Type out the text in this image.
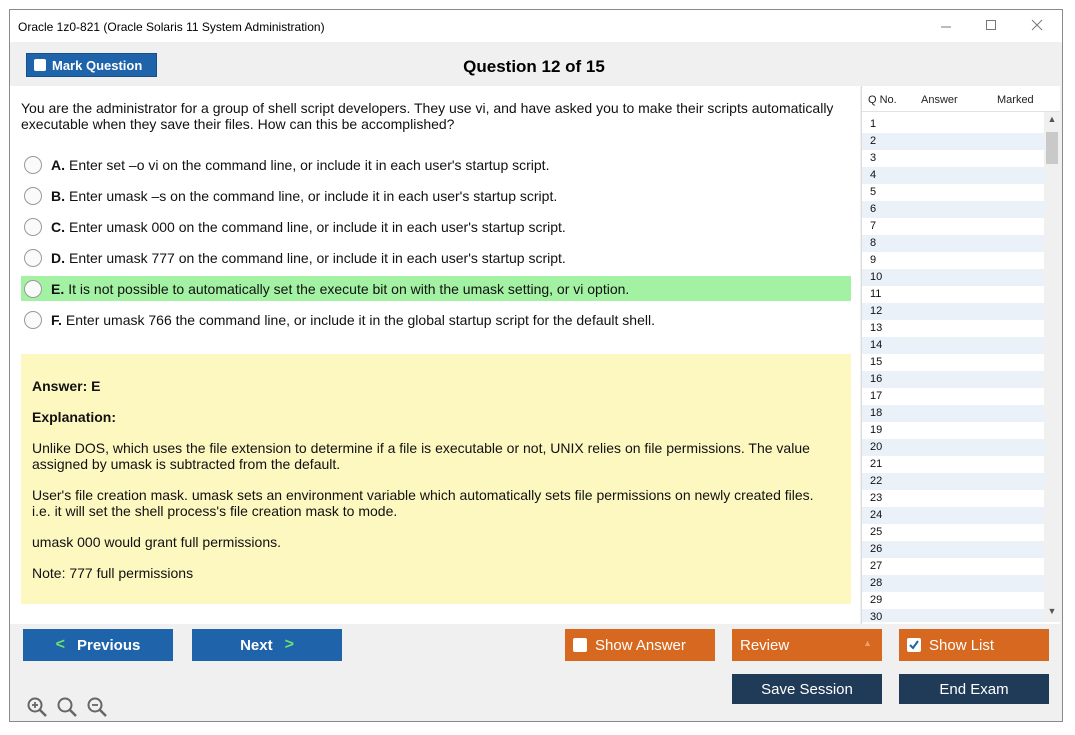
Oracle 1z0-821 (Oracle Solaris 11 System Administration)
Mark Question	Question 12 of 15
You are the administrator for a group of shell script developers. They use vi, and have asked you to make their scripts automatically executable when they save their files. How can this be accomplished?
A. Enter set –o vi on the command line, or include it in each user's startup script.
B. Enter umask –s on the command line, or include it in each user's startup script.
C. Enter umask 000 on the command line, or include it in each user's startup script.
D. Enter umask 777 on the command line, or include it in each user's startup script.
E. It is not possible to automatically set the execute bit on with the umask setting, or vi option.
F. Enter umask 766 the command line, or include it in the global startup script for the default shell.
Answer: E
Explanation:
Unlike DOS, which uses the file extension to determine if a file is executable or not, UNIX relies on file permissions. The value assigned by umask is subtracted from the default.
User's file creation mask. umask sets an environment variable which automatically sets file permissions on newly created files. i.e. it will set the shell process's file creation mask to mode.
umask 000 would grant full permissions.
Note: 777 full permissions
Q No. Answer	Marked
1
2
3
4
5
6
7
8
9
10
11
12
13
14
15
16
17
18
19
20
21
22
23
24
25
26
27
28
29
30
▲
▼
< Previous	Next >	Show Answer	Review	▲	Show List
Save Session	End Exam
